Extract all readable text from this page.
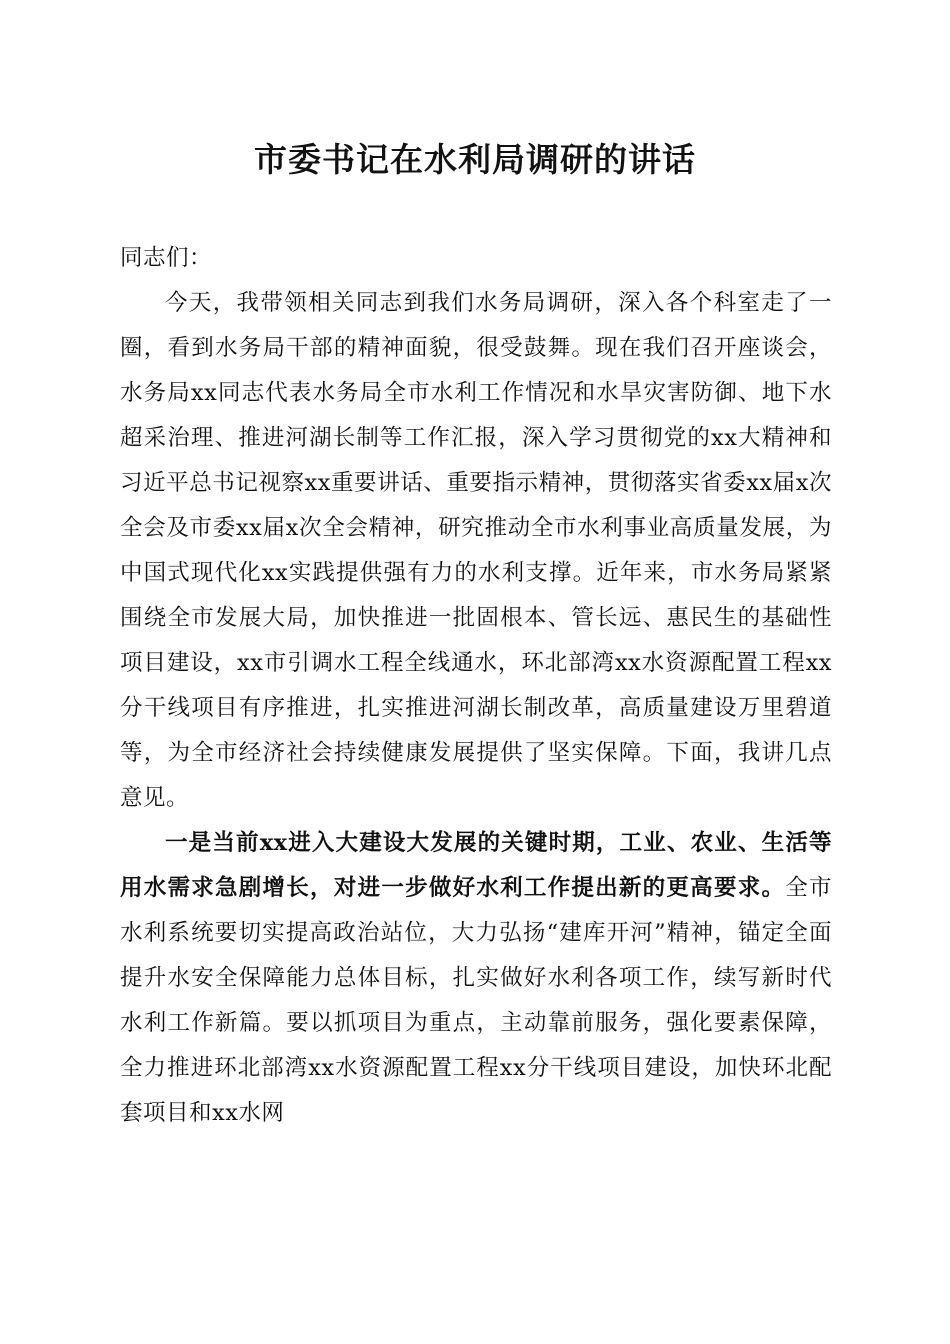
市委书记在水利局调研的讲话

同志们：

今天，我带领相关同志到我们水务局调研，深入各个科室走了一圈，看到水务局干部的精神面貌，很受鼓舞。现在我们召开座谈会，水务局xx同志代表水务局全市水利工作情况和水旱灾害防御、地下水超采治理、推进河湖长制等工作汇报，深入学习贯彻党的xx大精神和习近平总书记视察xx重要讲话、重要指示精神，贯彻落实省委xx届x次全会及市委xx届x次全会精神，研究推动全市水利事业高质量发展，为中国式现代化xx实践提供强有力的水利支撑。近年来，市水务局紧紧围绕全市发展大局，加快推进一批固根本、管长远、惠民生的基础性项目建设，xx市引调水工程全线通水，环北部湾xx水资源配置工程xx分干线项目有序推进，扎实推进河湖长制改革，高质量建设万里碧道等，为全市经济社会持续健康发展提供了坚实保障。下面，我讲几点意见。

一是当前xx进入大建设大发展的关键时期，工业、农业、生活等用水需求急剧增长，对进一步做好水利工作提出新的更高要求。全市水利系统要切实提高政治站位，大力弘扬“建库开河”精神，锚定全面提升水安全保障能力总体目标，扎实做好水利各项工作，续写新时代水利工作新篇。要以抓项目为重点，主动靠前服务，强化要素保障，全力推进环北部湾xx水资源配置工程xx分干线项目建设，加快环北配套项目和xx水网
